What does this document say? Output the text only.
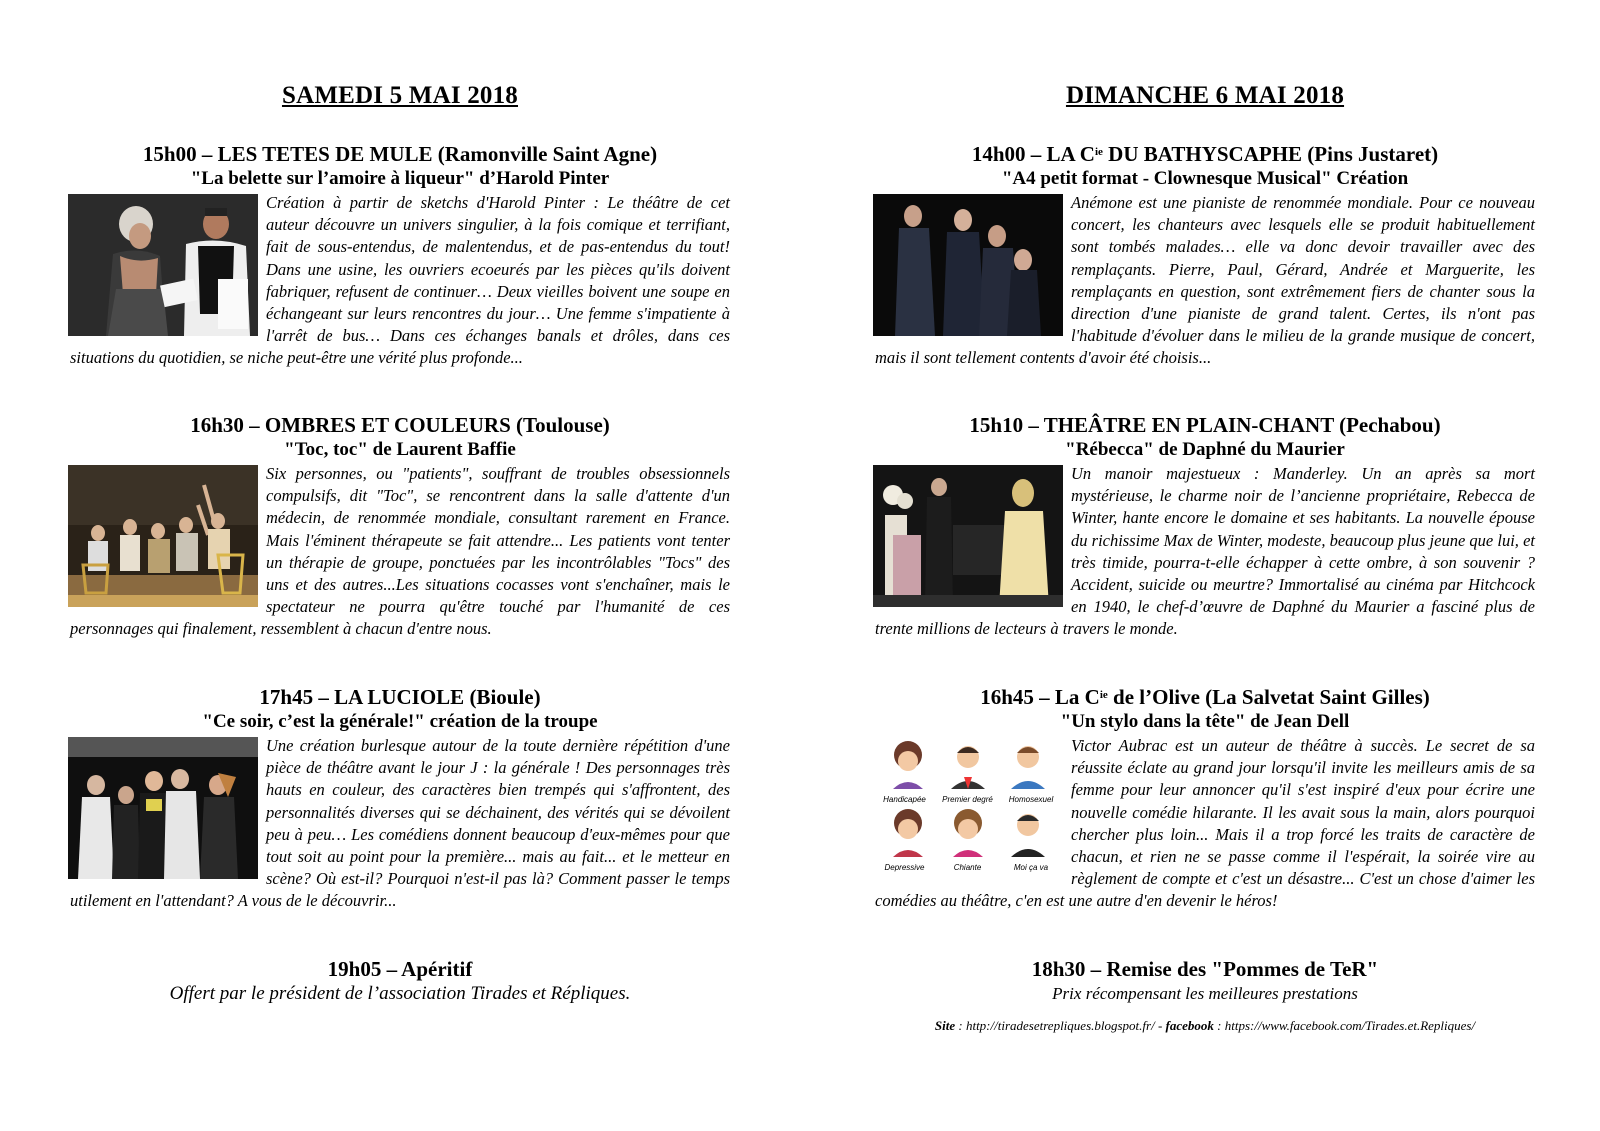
SAMEDI 5 MAI 2018
15h00 – LES TETES DE MULE (Ramonville Saint Agne)
"La belette sur l’amoire à liqueur" d’Harold Pinter
Création à partir de sketchs d'Harold Pinter : Le théâtre de cet auteur découvre un univers singulier, à la fois comique et terrifiant, fait de sous-entendus, de malentendus, et de pas-entendus du tout! Dans une usine, les ouvriers ecoeurés par les pièces qu'ils doivent fabriquer, refusent de continuer… Deux vieilles boivent une soupe en échangeant sur leurs rencontres du jour… Une femme s'impatiente à l'arrêt de bus… Dans ces échanges banals et drôles, dans ces situations du quotidien, se niche peut-être une vérité plus profonde...
16h30 – OMBRES ET COULEURS (Toulouse)
"Toc, toc" de Laurent Baffie
Six personnes, ou "patients", souffrant de troubles obsessionnels compulsifs, dit "Toc", se rencontrent dans la salle d'attente d'un médecin, de renommée mondiale, consultant rarement en France. Mais l'éminent thérapeute se fait attendre... Les patients vont tenter un thérapie de groupe, ponctuées par les incontrôlables "Tocs" des uns et des autres...Les situations cocasses vont s'enchaîner, mais le spectateur ne pourra qu'être touché par l'humanité de ces personnages qui finalement, ressemblent à chacun d'entre nous.
17h45 – LA LUCIOLE (Bioule)
"Ce soir, c’est la générale!" création de la troupe
Une création burlesque autour de la toute dernière répétition d'une pièce de théâtre avant le jour J : la générale ! Des personnages très hauts en couleur, des caractères bien trempés qui s'affrontent, des personnalités diverses qui se déchainent, des vérités qui se dévoilent peu à peu… Les comédiens donnent beaucoup d'eux-mêmes pour que tout soit au point pour la première... mais au fait... et le metteur en scène? Où est-il? Pourquoi n'est-il pas là? Comment passer le temps utilement en l'attendant? A vous de le découvrir...
19h05 – Apéritif
Offert par le président de l’association Tirades et Répliques.
DIMANCHE 6 MAI 2018
14h00 – LA $C^{ie}$ DU BATHYSCAPHE (Pins Justaret)
"A4 petit format - Clownesque Musical" Création
Anémone est une pianiste de renommée mondiale. Pour ce nouveau concert, les chanteurs avec lesquels elle se produit habituellement sont tombés malades… elle va donc devoir travailler avec des remplaçants. Pierre, Paul, Gérard, Andrée et Marguerite, les remplaçants en question, sont extrêmement fiers de chanter sous la direction d'une pianiste de grand talent. Certes, ils n'ont pas l'habitude d'évoluer dans le milieu de la grande musique de concert, mais il sont tellement contents d'avoir été choisis...
15h10 – THEÂTRE EN PLAIN-CHANT (Pechabou)
"Rébecca" de Daphné du Maurier
Un manoir majestueux : Manderley. Un an après sa mort mystérieuse, le charme noir de l’ancienne propriétaire, Rebecca de Winter, hante encore le domaine et ses habitants. La nouvelle épouse du richissime Max de Winter, modeste, beaucoup plus jeune que lui, et très timide, pourra-t-elle échapper à cette ombre, à son souvenir ? Accident, suicide ou meurtre? Immortalisé au cinéma par Hitchcock en 1940, le chef-d’œuvre de Daphné du Maurier a fasciné plus de trente millions de lecteurs à travers le monde.
16h45 – La $C^{ie}$ de l’Olive (La Salvetat Saint Gilles)
"Un stylo dans la tête" de Jean Dell
Handicapée	Premier degré	Homosexuel
Depressive	Chiante	Moi ça va
Victor Aubrac est un auteur de théâtre à succès. Le secret de sa réussite éclate au grand jour lorsqu'il invite les meilleurs amis de sa femme pour leur annoncer qu'il s'est inspiré d'eux pour écrire une nouvelle comédie hilarante. Il les avait sous la main, alors pourquoi chercher plus loin... Mais il a trop forcé les traits de caractère de chacun, et rien ne se passe comme il l'espérait, la soirée vire au règlement de compte et c'est un désastre... C'est un chose d'aimer les comédies au théâtre, c'en est une autre d'en devenir le héros!
18h30 – Remise des "Pommes de TeR"
Prix récompensant les meilleures prestations
Site : http://tiradesetrepliques.blogspot.fr/ - facebook : https://www.facebook.com/Tirades.et.Repliques/
